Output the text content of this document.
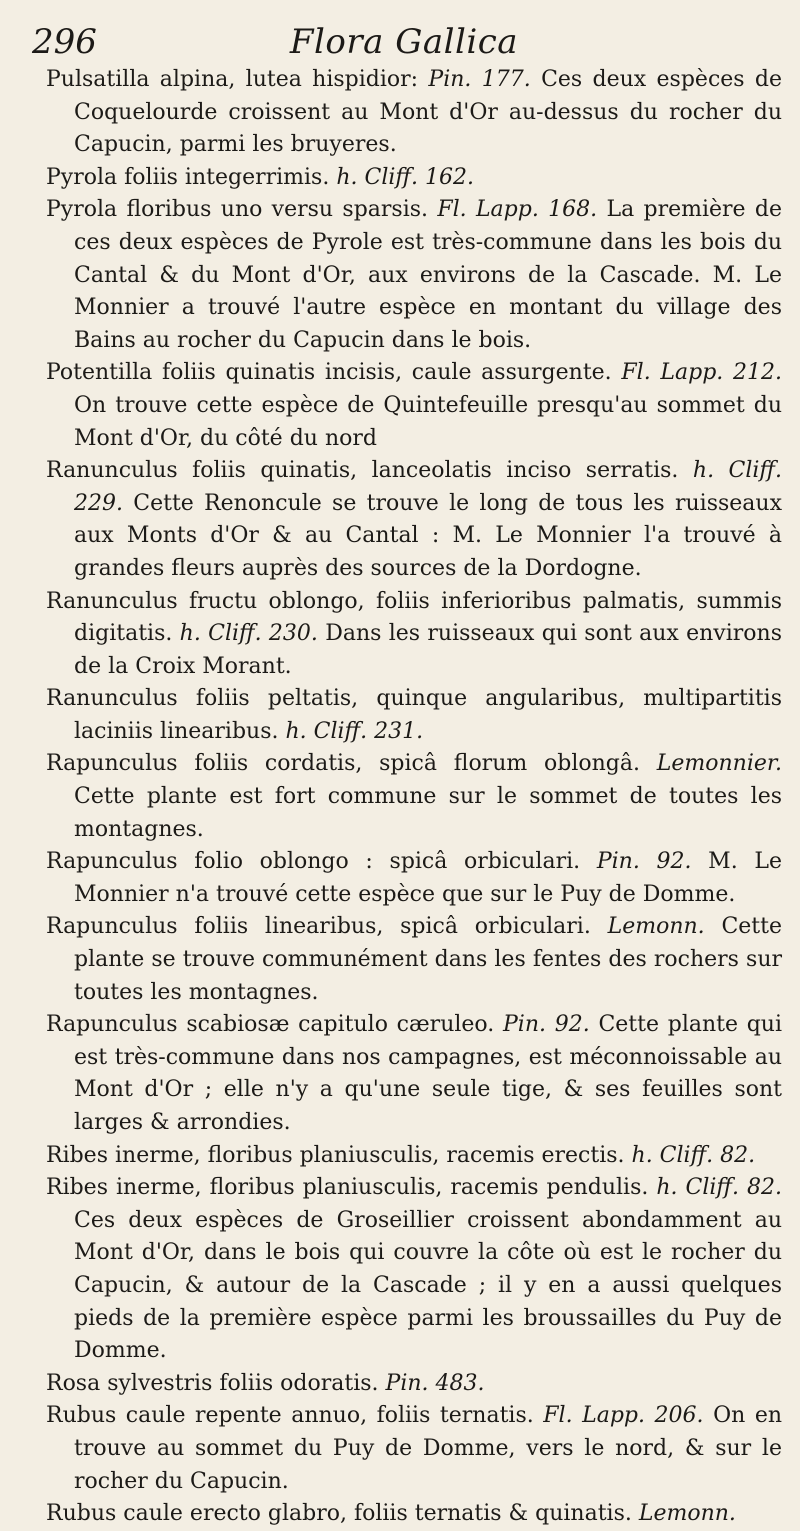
296	Flora Gallica

Pulsatilla alpina, lutea hispidior: Pin. 177. Ces deux espèces de Coquelourde croissent au Mont d'Or au-dessus du rocher du Capucin, parmi les bruyeres.

Pyrola foliis integerrimis. h. Cliff. 162.

Pyrola floribus uno versu sparsis. Fl. Lapp. 168. La première de ces deux espèces de Pyrole est très-commune dans les bois du Cantal & du Mont d'Or, aux environs de la Cascade. M. Le Monnier a trouvé l'autre espèce en montant du village des Bains au rocher du Capucin dans le bois.

Potentilla foliis quinatis incisis, caule assurgente. Fl. Lapp. 212. On trouve cette espèce de Quintefeuille presqu'au sommet du Mont d'Or, du côté du nord

Ranunculus foliis quinatis, lanceolatis inciso serratis. h. Cliff. 229. Cette Renoncule se trouve le long de tous les ruisseaux aux Monts d'Or & au Cantal : M. Le Monnier l'a trouvé à grandes fleurs auprès des sources de la Dordogne.

Ranunculus fructu oblongo, foliis inferioribus palmatis, summis digitatis. h. Cliff. 230. Dans les ruisseaux qui sont aux environs de la Croix Morant.

Ranunculus foliis peltatis, quinque angularibus, multipartitis laciniis linearibus. h. Cliff. 231.

Rapunculus foliis cordatis, spicâ florum oblongâ. Lemonnier. Cette plante est fort commune sur le sommet de toutes les montagnes.

Rapunculus folio oblongo : spicâ orbiculari. Pin. 92. M. Le Monnier n'a trouvé cette espèce que sur le Puy de Domme.

Rapunculus foliis linearibus, spicâ orbiculari. Lemonn. Cette plante se trouve communément dans les fentes des rochers sur toutes les montagnes.

Rapunculus scabiosæ capitulo cæruleo. Pin. 92. Cette plante qui est très-commune dans nos campagnes, est méconnoissable au Mont d'Or ; elle n'y a qu'une seule tige, & ses feuilles sont larges & arrondies.

Ribes inerme, floribus planiusculis, racemis erectis. h. Cliff. 82.

Ribes inerme, floribus planiusculis, racemis pendulis. h. Cliff. 82. Ces deux espèces de Groseillier croissent abondamment au Mont d'Or, dans le bois qui couvre la côte où est le rocher du Capucin, & autour de la Cascade ; il y en a aussi quelques pieds de la première espèce parmi les broussailles du Puy de Domme.

Rosa sylvestris foliis odoratis. Pin. 483.

Rubus caule repente annuo, foliis ternatis. Fl. Lapp. 206. On en trouve au sommet du Puy de Domme, vers le nord, & sur le rocher du Capucin.

Rubus caule erecto glabro, foliis ternatis & quinatis. Lemonn.
